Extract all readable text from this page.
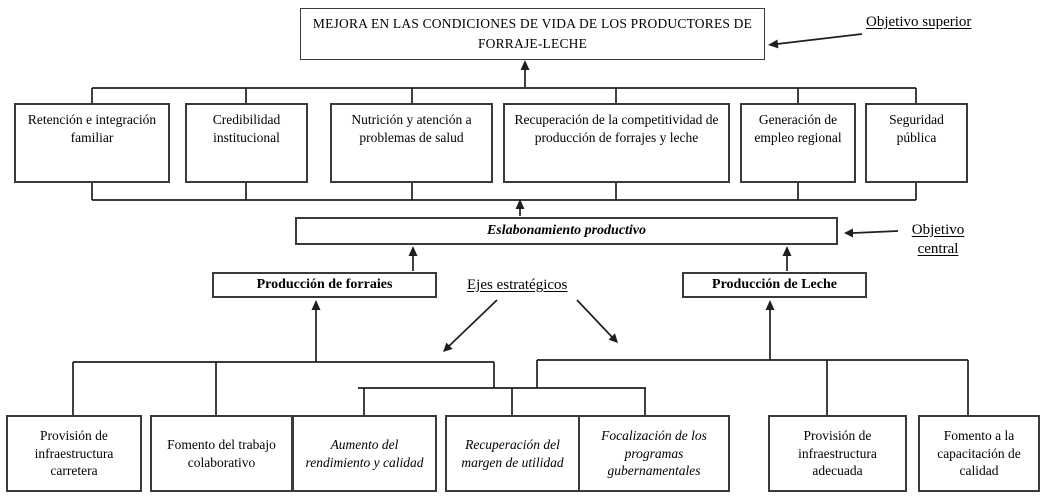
MEJORA EN LAS CONDICIONES DE VIDA DE LOS PRODUCTORES DE FORRAJE-LECHE
Objetivo superior
Retención e integración familiar
Credibilidad institucional
Nutrición y atención a problemas de salud
Recuperación de la competitividad de producción de forrajes y leche
Generación de empleo regional
Seguridad pública
Eslabonamiento productivo	Objetivo central
Producción de forraies	Producción de Leche
Ejes estratégicos
Provisión de infraestructura carretera
Fomento del trabajo colaborativo
Aumento del rendimiento y calidad
Recuperación del margen de utilidad
Focalización de los programas gubernamentales
Provisión de infraestructura adecuada
Fomento a la capacitación de calidad
